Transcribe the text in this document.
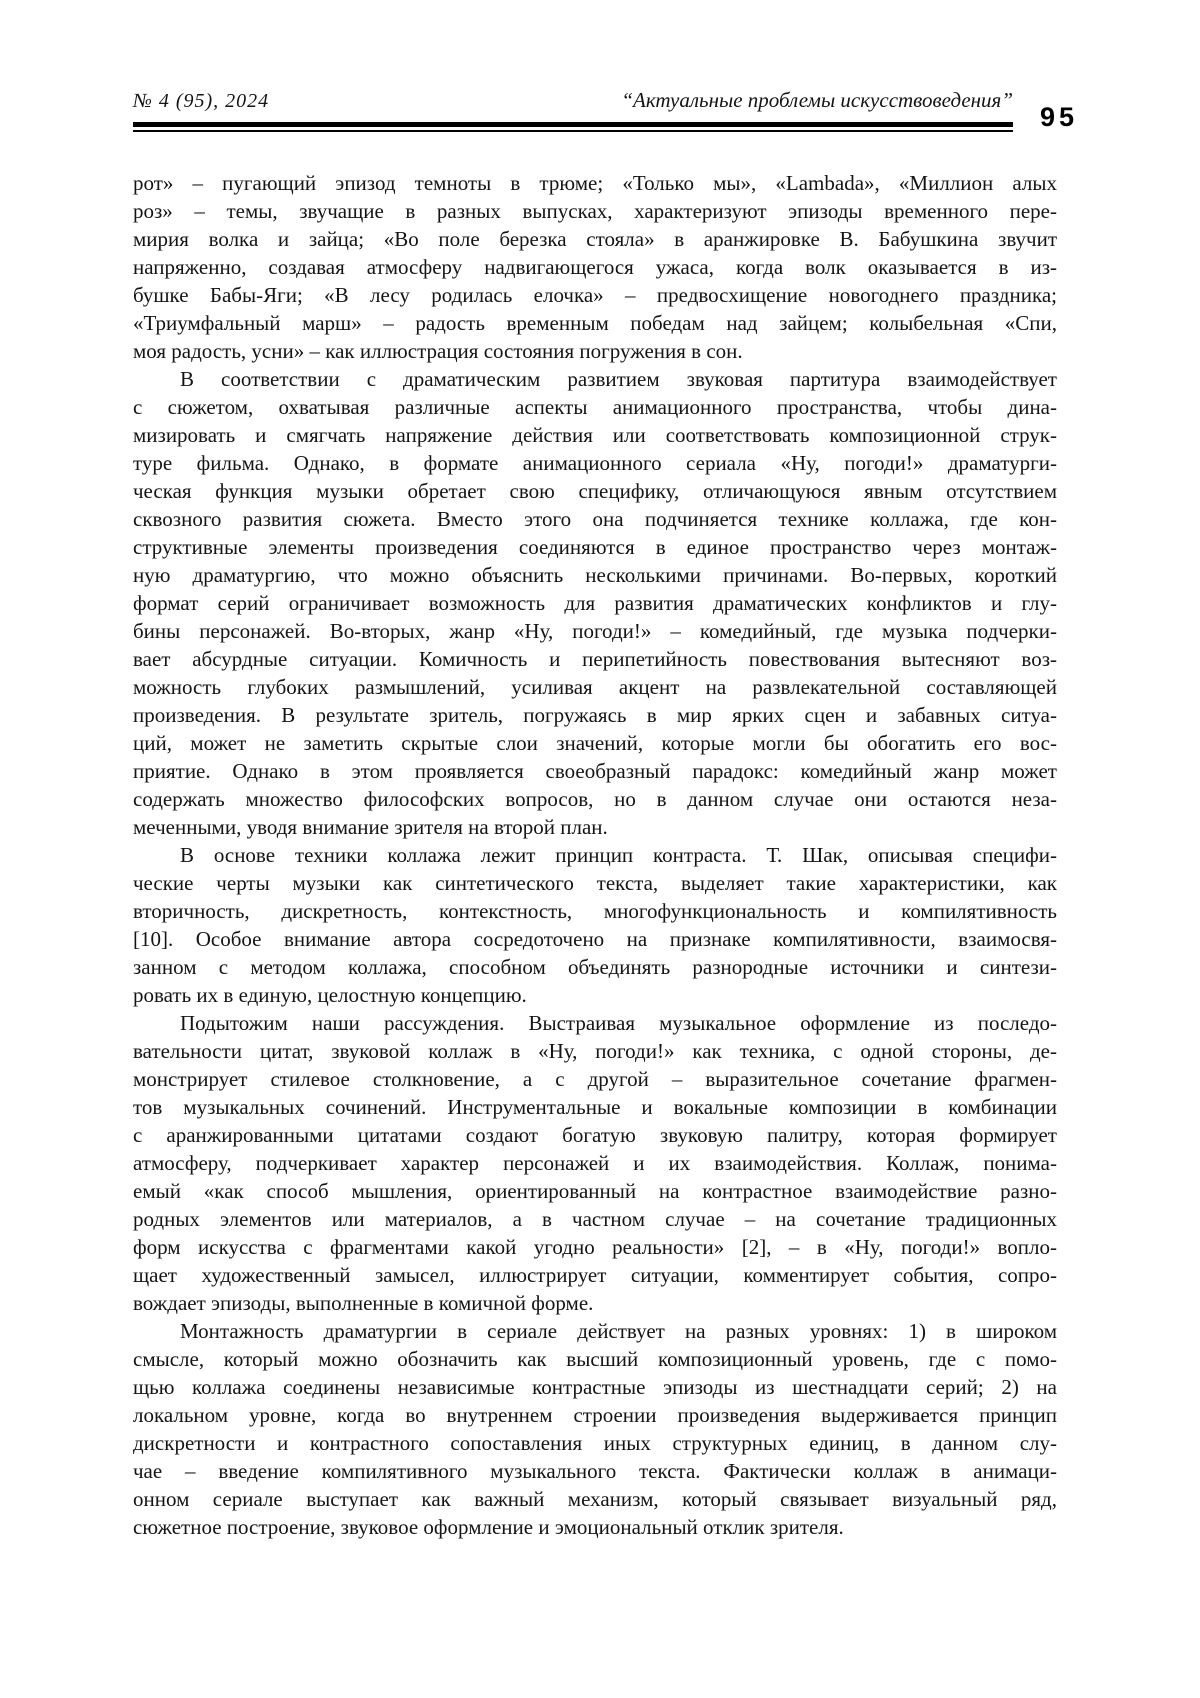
№ 4 (95), 2024	“Актуальные проблемы искусствоведения”
95
рот» – пугающий эпизод темноты в трюме; «Только мы», «Lambada», «Миллион алых
роз» – темы, звучащие в разных выпусках, характеризуют эпизоды временного пере-
мирия волка и зайца; «Во поле березка стояла» в аранжировке В. Бабушкина звучит
напряженно, создавая атмосферу надвигающегося ужаса, когда волк оказывается в из-
бушке Бабы-Яги; «В лесу родилась елочка» – предвосхищение новогоднего праздника;
«Триумфальный марш» – радость временным победам над зайцем; колыбельная «Спи,
моя радость, усни» – как иллюстрация состояния погружения в сон.
В соответствии с драматическим развитием звуковая партитура взаимодействует
с сюжетом, охватывая различные аспекты анимационного пространства, чтобы дина-
мизировать и смягчать напряжение действия или соответствовать композиционной струк-
туре фильма. Однако, в формате анимационного сериала «Ну, погоди!» драматурги-
ческая функция музыки обретает свою специфику, отличающуюся явным отсутствием
сквозного развития сюжета. Вместо этого она подчиняется технике коллажа, где кон-
структивные элементы произведения соединяются в единое пространство через монтаж-
ную драматургию, что можно объяснить несколькими причинами. Во-первых, короткий
формат серий ограничивает возможность для развития драматических конфликтов и глу-
бины персонажей. Во-вторых, жанр «Ну, погоди!» – комедийный, где музыка подчерки-
вает абсурдные ситуации. Комичность и перипетийность повествования вытесняют воз-
можность глубоких размышлений, усиливая акцент на развлекательной составляющей
произведения. В результате зритель, погружаясь в мир ярких сцен и забавных ситуа-
ций, может не заметить скрытые слои значений, которые могли бы обогатить его вос-
приятие. Однако в этом проявляется своеобразный парадокс: комедийный жанр может
содержать множество философских вопросов, но в данном случае они остаются неза-
меченными, уводя внимание зрителя на второй план.
В основе техники коллажа лежит принцип контраста. Т. Шак, описывая специфи-
ческие черты музыки как синтетического текста, выделяет такие характеристики, как
вторичность, дискретность, контекстность, многофункциональность и компилятивность
[10]. Особое внимание автора сосредоточено на признаке компилятивности, взаимосвя-
занном с методом коллажа, способном объединять разнородные источники и синтези-
ровать их в единую, целостную концепцию.
Подытожим наши рассуждения. Выстраивая музыкальное оформление из последо-
вательности цитат, звуковой коллаж в «Ну, погоди!» как техника, с одной стороны, де-
монстрирует стилевое столкновение, а с другой – выразительное сочетание фрагмен-
тов музыкальных сочинений. Инструментальные и вокальные композиции в комбинации
с аранжированными цитатами создают богатую звуковую палитру, которая формирует
атмосферу, подчеркивает характер персонажей и их взаимодействия. Коллаж, понима-
емый «как способ мышления, ориентированный на контрастное взаимодействие разно-
родных элементов или материалов, а в частном случае – на сочетание традиционных
форм искусства с фрагментами какой угодно реальности» [2], – в «Ну, погоди!» вопло-
щает художественный замысел, иллюстрирует ситуации, комментирует события, сопро-
вождает эпизоды, выполненные в комичной форме.
Монтажность драматургии в сериале действует на разных уровнях: 1) в широком
смысле, который можно обозначить как высший композиционный уровень, где с помо-
щью коллажа соединены независимые контрастные эпизоды из шестнадцати серий; 2) на
локальном уровне, когда во внутреннем строении произведения выдерживается принцип
дискретности и контрастного сопоставления иных структурных единиц, в данном слу-
чае – введение компилятивного музыкального текста. Фактически коллаж в анимаци-
онном сериале выступает как важный механизм, который связывает визуальный ряд,
сюжетное построение, звуковое оформление и эмоциональный отклик зрителя.
